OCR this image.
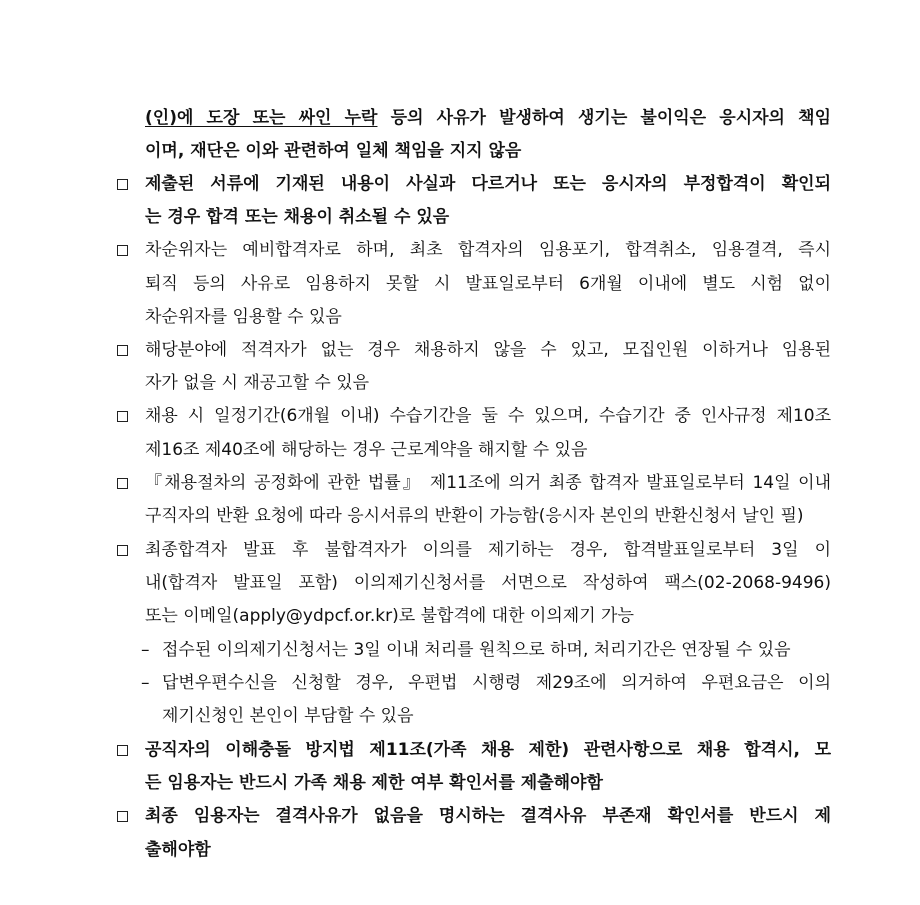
(인)에 도장 또는 싸인 누락 등의 사유가 발생하여 생기는 불이익은 응시자의 책임
이며, 재단은 이와 관련하여 일체 책임을 지지 않음
제출된 서류에 기재된 내용이 사실과 다르거나 또는 응시자의 부정합격이 확인되
는 경우 합격 또는 채용이 취소될 수 있음
차순위자는 예비합격자로 하며, 최초 합격자의 임용포기, 합격취소, 임용결격, 즉시
퇴직 등의 사유로 임용하지 못할 시 발표일로부터 6개월 이내에 별도 시험 없이
차순위자를 임용할 수 있음
해당분야에 적격자가 없는 경우 채용하지 않을 수 있고, 모집인원 이하거나 임용된
자가 없을 시 재공고할 수 있음
채용 시 일정기간(6개월 이내) 수습기간을 둘 수 있으며, 수습기간 중 인사규정 제10조
제16조 제40조에 해당하는 경우 근로계약을 해지할 수 있음
『채용절차의 공정화에 관한 법률』 제11조에 의거 최종 합격자 발표일로부터 14일 이내
구직자의 반환 요청에 따라 응시서류의 반환이 가능함(응시자 본인의 반환신청서 날인 필)
최종합격자 발표 후 불합격자가 이의를 제기하는 경우, 합격발표일로부터 3일 이
내(합격자 발표일 포함) 이의제기신청서를 서면으로 작성하여 팩스(02-2068-9496)
또는 이메일(apply@ydpcf.or.kr)로 불합격에 대한 이의제기 가능
– 접수된 이의제기신청서는 3일 이내 처리를 원칙으로 하며, 처리기간은 연장될 수 있음
– 답변우편수신을 신청할 경우, 우편법 시행령 제29조에 의거하여 우편요금은 이의
제기신청인 본인이 부담할 수 있음
공직자의 이해충돌 방지법 제11조(가족 채용 제한) 관련사항으로 채용 합격시, 모
든 임용자는 반드시 가족 채용 제한 여부 확인서를 제출해야함
최종 임용자는 결격사유가 없음을 명시하는 결격사유 부존재 확인서를 반드시 제
출해야함
